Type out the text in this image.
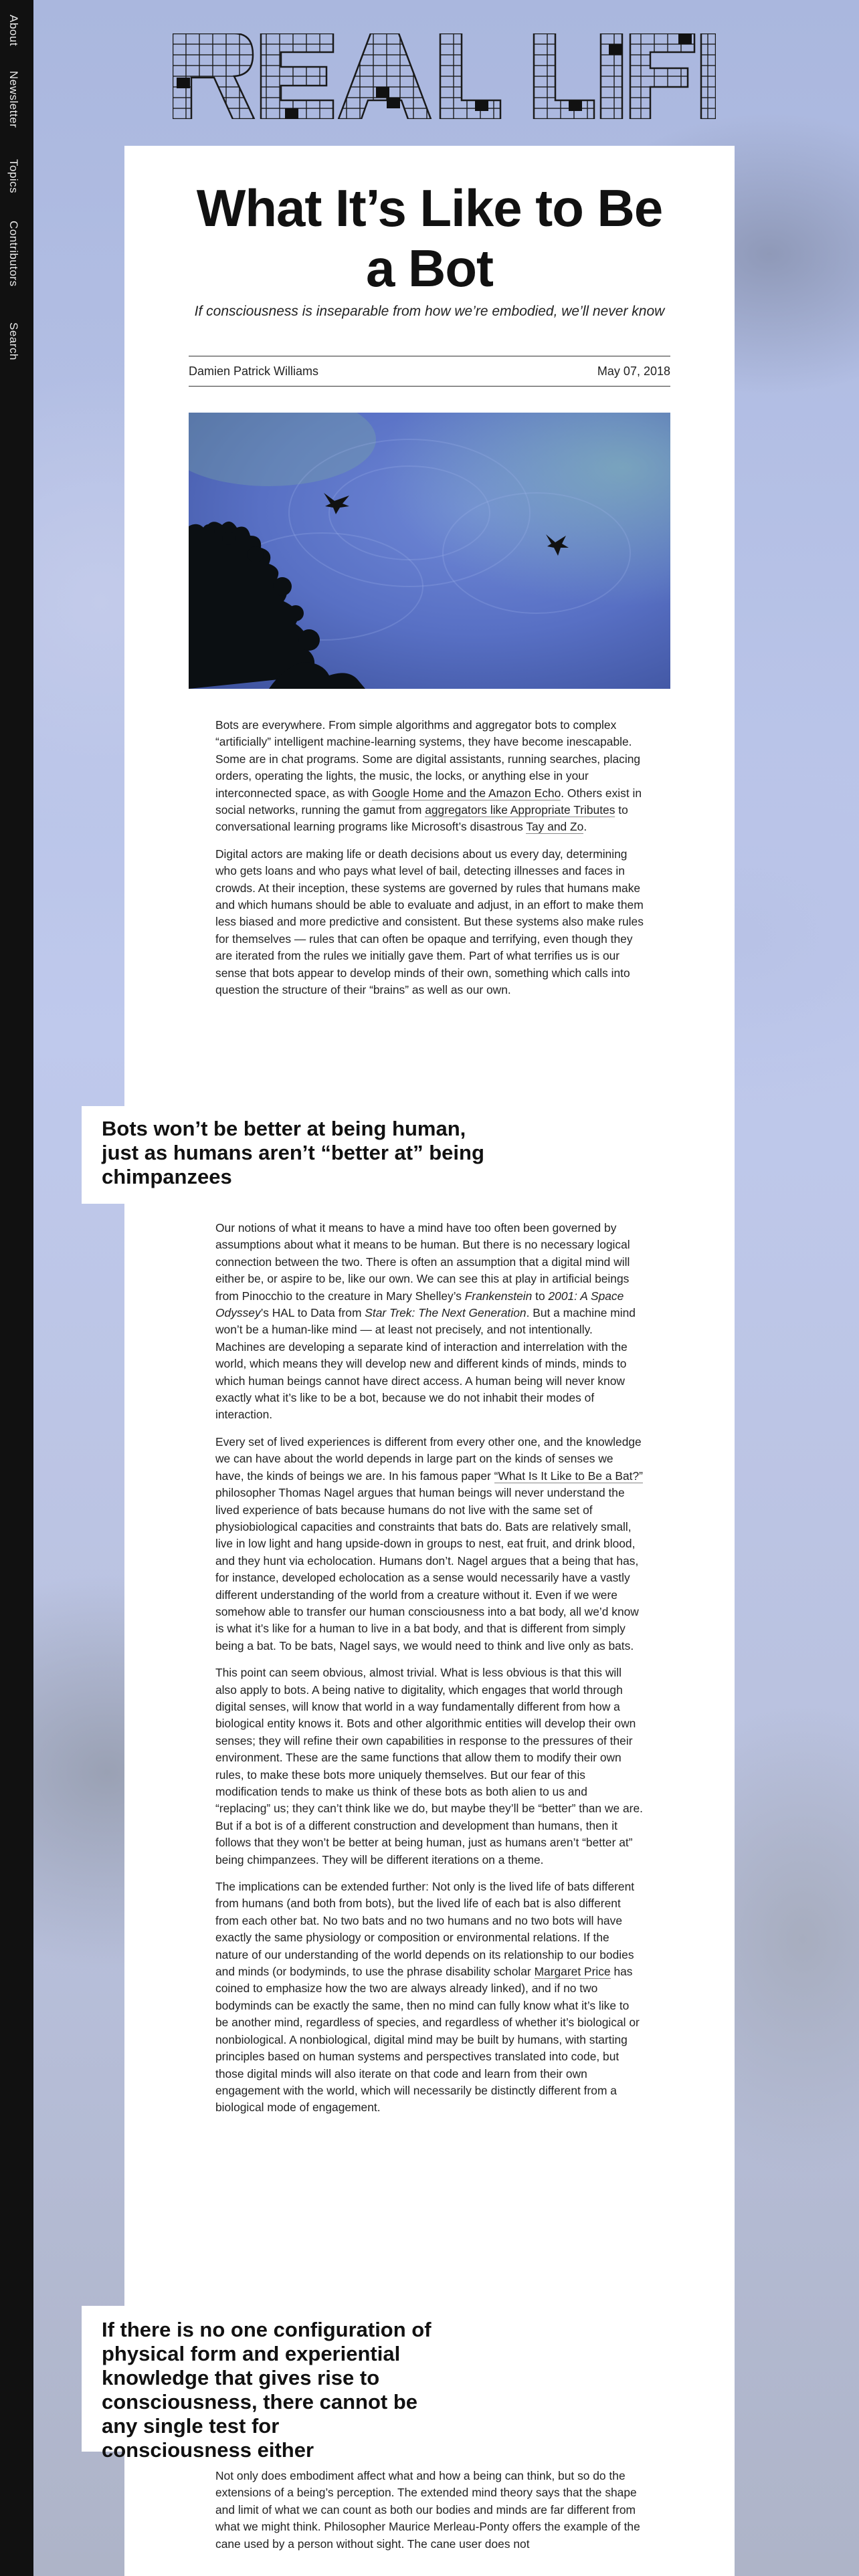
About
Newsletter
Topics
Contributors
Search
What It’s Like to Be a Bot
If consciousness is inseparable from how we’re embodied, we’ll never know
Damien Patrick Williams	May 07, 2018

Bots are everywhere. From simple algorithms and aggregator bots to complex “artificially” intelligent machine-learning systems, they have become inescapable. Some are in chat programs. Some are digital assistants, running searches, placing orders, operating the lights, the music, the locks, or anything else in your interconnected space, as with Google Home and the Amazon Echo. Others exist in social networks, running the gamut from aggregators like Appropriate Tributes to conversational learning programs like Microsoft’s disastrous Tay and Zo.

Digital actors are making life or death decisions about us every day, determining who gets loans and who pays what level of bail, detecting illnesses and faces in crowds. At their inception, these systems are governed by rules that humans make and which humans should be able to evaluate and adjust, in an effort to make them less biased and more predictive and consistent. But these systems also make rules for themselves — rules that can often be opaque and terrifying, even though they are iterated from the rules we initially gave them. Part of what terrifies us is our sense that bots appear to develop minds of their own, something which calls into question the structure of their “brains” as well as our own.

Our notions of what it means to have a mind have too often been governed by assumptions about what it means to be human. But there is no necessary logical connection between the two. There is often an assumption that a digital mind will either be, or aspire to be, like our own. We can see this at play in artificial beings from Pinocchio to the creature in Mary Shelley’s Frankenstein to 2001: A Space Odyssey’s HAL to Data from Star Trek: The Next Generation. But a machine mind won’t be a human-like mind — at least not precisely, and not intentionally. Machines are developing a separate kind of interaction and interrelation with the world, which means they will develop new and different kinds of minds, minds to which human beings cannot have direct access. A human being will never know exactly what it’s like to be a bot, because we do not inhabit their modes of interaction.

Every set of lived experiences is different from every other one, and the knowledge we can have about the world depends in large part on the kinds of senses we have, the kinds of beings we are. In his famous paper “What Is It Like to Be a Bat?” philosopher Thomas Nagel argues that human beings will never understand the lived experience of bats because humans do not live with the same set of physiobiological capacities and constraints that bats do. Bats are relatively small, live in low light and hang upside-down in groups to nest, eat fruit, and drink blood, and they hunt via echolocation. Humans don’t. Nagel argues that a being that has, for instance, developed echolocation as a sense would necessarily have a vastly different understanding of the world from a creature without it. Even if we were somehow able to transfer our human consciousness into a bat body, all we’d know is what it’s like for a human to live in a bat body, and that is different from simply being a bat. To be bats, Nagel says, we would need to think and live only as bats.

This point can seem obvious, almost trivial. What is less obvious is that this will also apply to bots. A being native to digitality, which engages that world through digital senses, will know that world in a way fundamentally different from how a biological entity knows it. Bots and other algorithmic entities will develop their own senses; they will refine their own capabilities in response to the pressures of their environment. These are the same functions that allow them to modify their own rules, to make these bots more uniquely themselves. But our fear of this modification tends to make us think of these bots as both alien to us and “replacing” us; they can’t think like we do, but maybe they’ll be “better” than we are. But if a bot is of a different construction and development than humans, then it follows that they won’t be better at being human, just as humans aren’t “better at” being chimpanzees. They will be different iterations on a theme.

The implications can be extended further: Not only is the lived life of bats different from humans (and both from bots), but the lived life of each bat is also different from each other bat. No two bats and no two humans and no two bots will have exactly the same physiology or composition or environmental relations. If the nature of our understanding of the world depends on its relationship to our bodies and minds (or bodyminds, to use the phrase disability scholar Margaret Price has coined to emphasize how the two are always already linked), and if no two bodyminds can be exactly the same, then no mind can fully know what it’s like to be another mind, regardless of species, and regardless of whether it’s biological or nonbiological. A nonbiological, digital mind may be built by humans, with starting principles based on human systems and perspectives translated into code, but those digital minds will also iterate on that code and learn from their own engagement with the world, which will necessarily be distinctly different from a biological mode of engagement.

Not only does embodiment affect what and how a being can think, but so do the extensions of a being’s perception. The extended mind theory says that the shape and limit of what we can count as both our bodies and minds are far different from what we might think. Philosopher Maurice Merleau-Ponty offers the example of the cane used by a person without sight. The cane user does not

Bots won’t be better at being human, just as humans aren’t “better at” being chimpanzees
If there is no one configuration of physical form and experiential knowledge that gives rise to consciousness, there cannot be any single test for consciousness either
